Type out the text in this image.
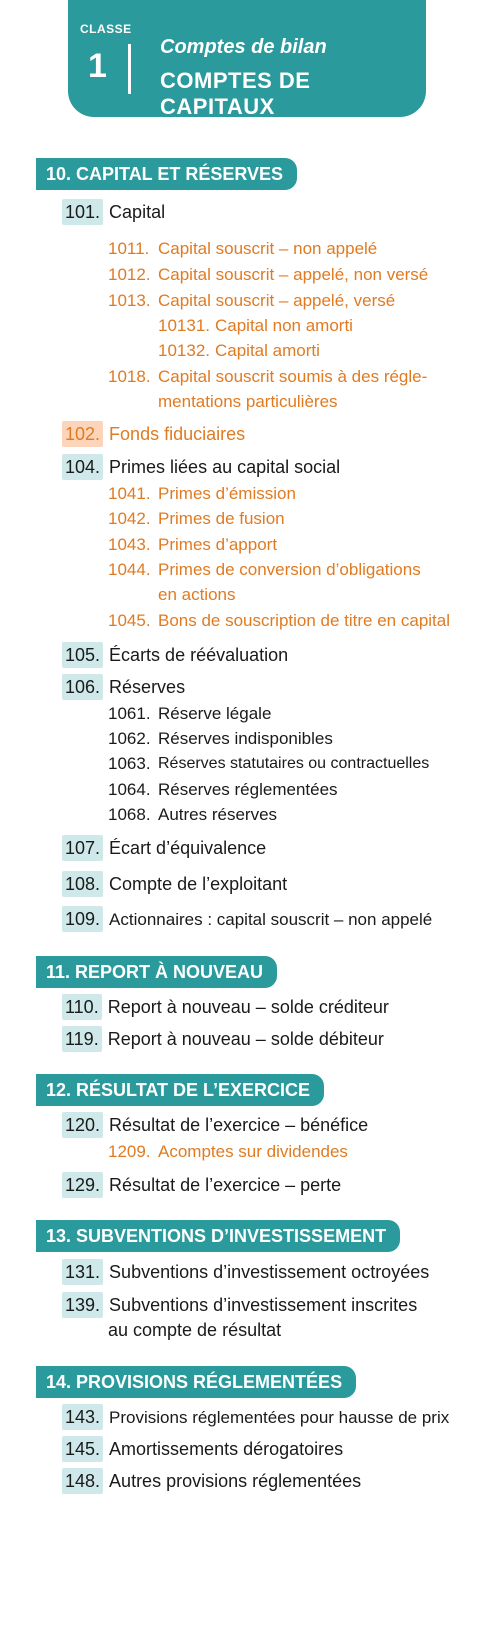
CLASSE
1	Comptes de bilan
COMPTES DE CAPITAUX
10. CAPITAL ET RÉSERVES
101. Capital
1011. Capital souscrit – non appelé
1012. Capital souscrit – appelé, non versé
1013. Capital souscrit – appelé, versé
10131. Capital non amorti
10132. Capital amorti
1018. Capital souscrit soumis à des régle-
mentations particulières
102. Fonds fiduciaires
104. Primes liées au capital social
1041. Primes d’émission
1042. Primes de fusion
1043. Primes d’apport
1044. Primes de conversion d’obligations
en actions
1045. Bons de souscription de titre en capital
105. Écarts de réévaluation
106. Réserves
1061. Réserve légale
1062. Réserves indisponibles
1063. Réserves statutaires ou contractuelles
1064. Réserves réglementées
1068. Autres réserves
107. Écart d’équivalence
108. Compte de l’exploitant
109. Actionnaires : capital souscrit – non appelé
11. REPORT À NOUVEAU
110. Report à nouveau – solde créditeur
119. Report à nouveau – solde débiteur
12. RÉSULTAT DE L’EXERCICE
120. Résultat de l’exercice – bénéfice
1209. Acomptes sur dividendes
129. Résultat de l’exercice – perte
13. SUBVENTIONS D’INVESTISSEMENT
131. Subventions d’investissement octroyées
139. Subventions d’investissement inscrites
au compte de résultat
14. PROVISIONS RÉGLEMENTÉES
143. Provisions réglementées pour hausse de prix
145. Amortissements dérogatoires
148. Autres provisions réglementées
